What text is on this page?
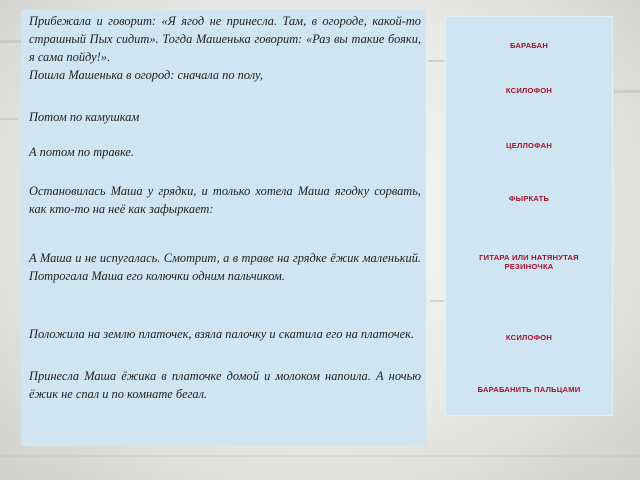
Прибежала и говорит: «Я ягод не принесла. Там, в огороде, какой-то страшный Пых сидит». Тогда Машенька говорит: «Раз вы такие бояки, я сама пойду!».
Пошла Машенька в огород: сначала по полу,
Потом по камушкам
А потом по травке.
Остановилась Маша у грядки, и только хотела Маша ягодку сорвать, как кто-то на неё как зафыркает:
А Маша и не испугалась. Смотрит, а в траве на грядке ёжик маленький. Потрогала Маша его колючки одним пальчиком.
Положила на землю платочек, взяла палочку и скатила его на платочек.
Принесла Маша ёжика в платочке домой и молоком напоила. А ночью ёжик не спал и по комнате бегал.
БАРАБАН
КСИЛОФОН
ЦЕЛЛОФАН
ФЫРКАТЬ
ГИТАРА ИЛИ НАТЯНУТАЯ РЕЗИНОЧКА
КСИЛОФОН
БАРАБАНИТЬ ПАЛЬЦАМИ
